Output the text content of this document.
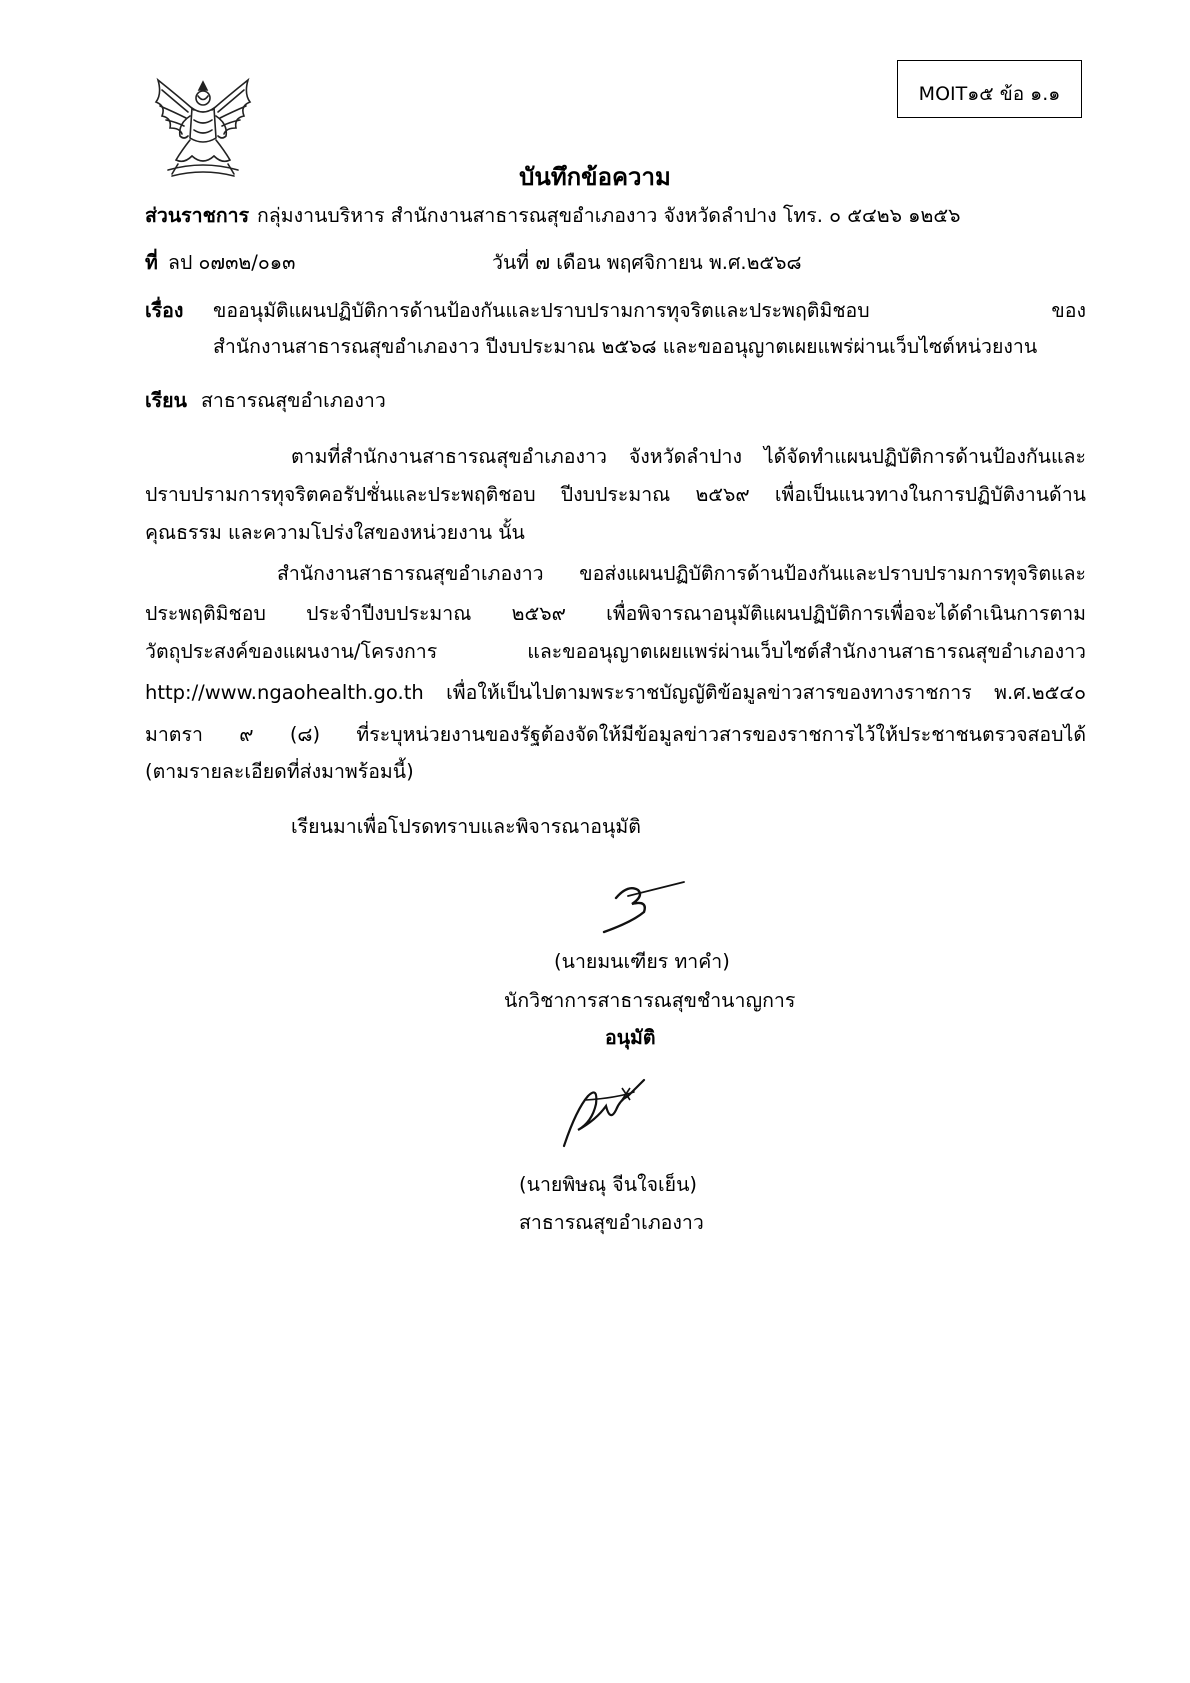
MOIT๑๕ ข้อ ๑.๑
บันทึกข้อความ
ส่วนราชการ กลุ่มงานบริหาร สำนักงานสาธารณสุขอำเภองาว จังหวัดลำปาง โทร. ๐ ๕๔๒๖ ๑๒๕๖
ที่ ลป ๐๗๓๒/๐๑๓	วันที่ ๗ เดือน พฤศจิกายน พ.ศ.๒๕๖๘
เรื่อง ขออนุมัติแผนปฏิบัติการด้านป้องกันและปราบปรามการทุจริตและประพฤติมิชอบ ของ
สำนักงานสาธารณสุขอำเภองาว ปีงบประมาณ ๒๕๖๘ และขออนุญาตเผยแพร่ผ่านเว็บไซต์หน่วยงาน
เรียน สาธารณสุขอำเภองาว
ตามที่สำนักงานสาธารณสุขอำเภองาว จังหวัดลำปาง ได้จัดทำแผนปฏิบัติการด้านป้องกันและ
ปราบปรามการทุจริตคอรัปชั่นและประพฤติชอบ ปีงบประมาณ ๒๕๖๙ เพื่อเป็นแนวทางในการปฏิบัติงานด้าน
คุณธรรม และความโปร่งใสของหน่วยงาน นั้น
สำนักงานสาธารณสุขอำเภองาว ขอส่งแผนปฏิบัติการด้านป้องกันและปราบปรามการทุจริตและ
ประพฤติมิชอบ ประจำปีงบประมาณ ๒๕๖๙ เพื่อพิจารณาอนุมัติแผนปฏิบัติการเพื่อจะได้ดำเนินการตาม
วัตถุประสงค์ของแผนงาน/โครงการ และขออนุญาตเผยแพร่ผ่านเว็บไซต์สำนักงานสาธารณสุขอำเภองาว
http://www.ngaohealth.go.th เพื่อให้เป็นไปตามพระราชบัญญัติข้อมูลข่าวสารของทางราชการ พ.ศ.๒๕๔๐
มาตรา ๙ (๘) ที่ระบุหน่วยงานของรัฐต้องจัดให้มีข้อมูลข่าวสารของราชการไว้ให้ประชาชนตรวจสอบได้
(ตามรายละเอียดที่ส่งมาพร้อมนี้)
เรียนมาเพื่อโปรดทราบและพิจารณาอนุมัติ
(นายมนเฑียร ทาคำ)
นักวิชาการสาธารณสุขชำนาญการ
อนุมัติ
(นายพิษณุ จีนใจเย็น)
สาธารณสุขอำเภองาว
